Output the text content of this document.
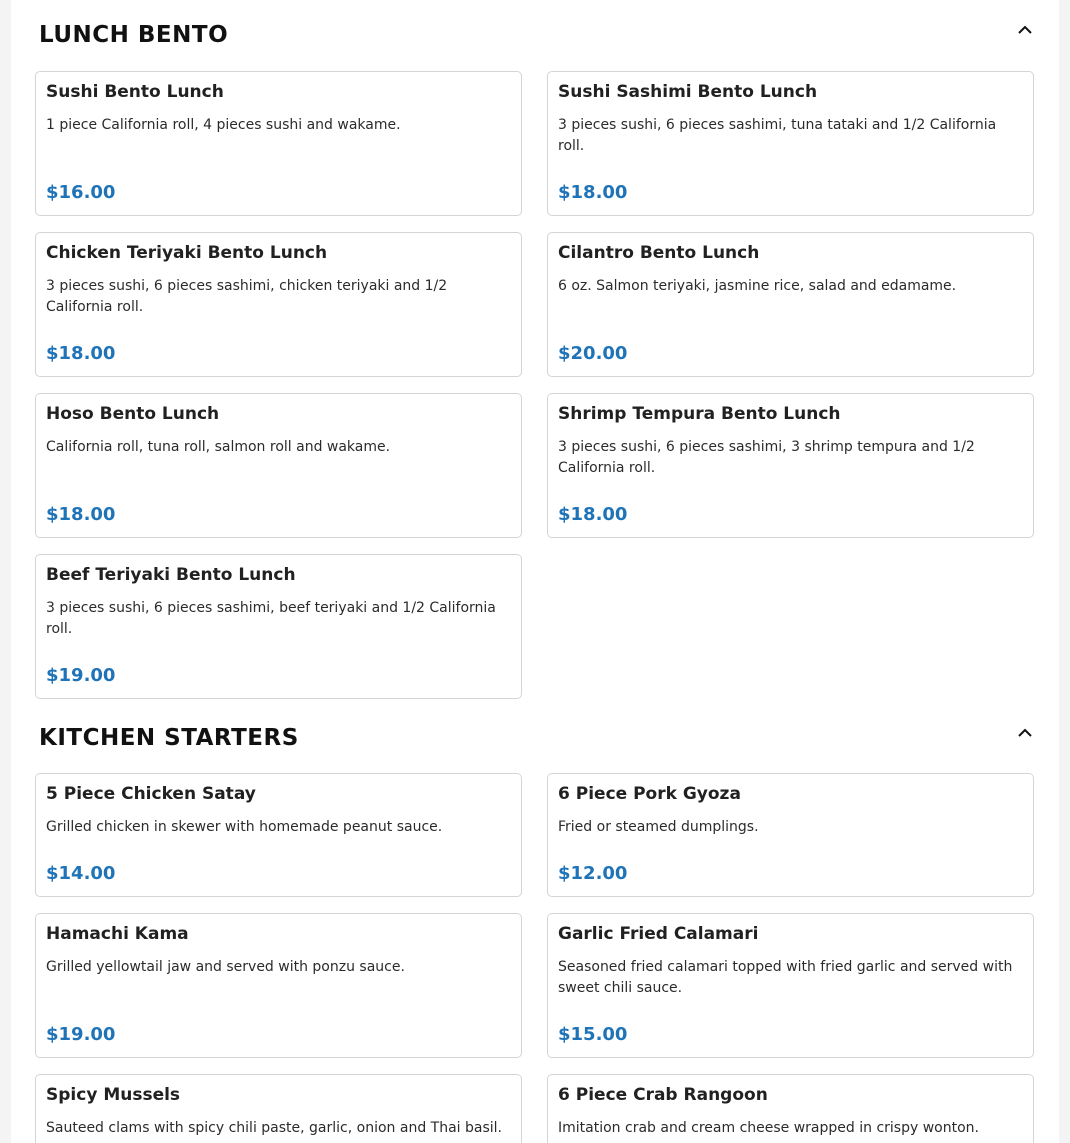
LUNCH BENTO
Sushi Bento Lunch

1 piece California roll, 4 pieces sushi and wakame.

$16.00
Sushi Sashimi Bento Lunch

3 pieces sushi, 6 pieces sashimi, tuna tataki and 1/2 California roll.

$18.00
Chicken Teriyaki Bento Lunch

3 pieces sushi, 6 pieces sashimi, chicken teriyaki and 1/2 California roll.

$18.00
Cilantro Bento Lunch

6 oz. Salmon teriyaki, jasmine rice, salad and edamame.

$20.00
Hoso Bento Lunch

California roll, tuna roll, salmon roll and wakame.

$18.00
Shrimp Tempura Bento Lunch

3 pieces sushi, 6 pieces sashimi, 3 shrimp tempura and 1/2 California roll.

$18.00
Beef Teriyaki Bento Lunch

3 pieces sushi, 6 pieces sashimi, beef teriyaki and 1/2 California roll.

$19.00
KITCHEN STARTERS
5 Piece Chicken Satay

Grilled chicken in skewer with homemade peanut sauce.

$14.00
6 Piece Pork Gyoza

Fried or steamed dumplings.

$12.00
Hamachi Kama

Grilled yellowtail jaw and served with ponzu sauce.

$19.00
Garlic Fried Calamari

Seasoned fried calamari topped with fried garlic and served with sweet chili sauce.

$15.00
Spicy Mussels

Sauteed clams with spicy chili paste, garlic, onion and Thai basil.

6 Piece Crab Rangoon

Imitation crab and cream cheese wrapped in crispy wonton.
